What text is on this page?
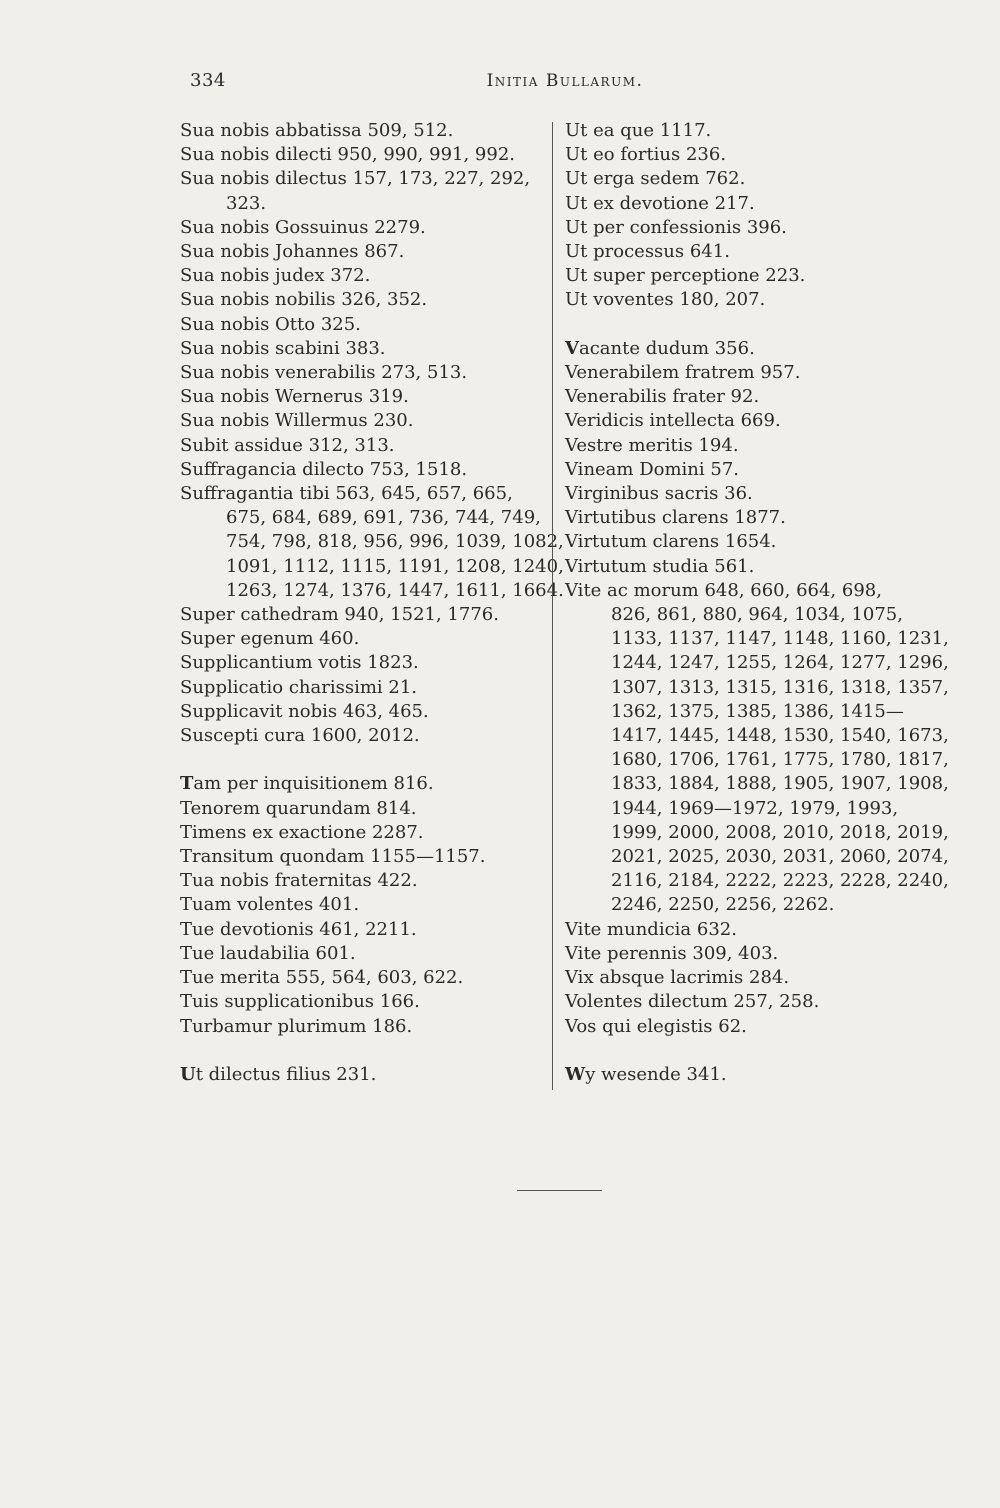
334	Initia Bullarum.
Sua nobis abbatissa 509, 512.
Sua nobis dilecti 950, 990, 991, 992.
Sua nobis dilectus 157, 173, 227, 292,
323.
Sua nobis Gossuinus 2279.
Sua nobis Johannes 867.
Sua nobis judex 372.
Sua nobis nobilis 326, 352.
Sua nobis Otto 325.
Sua nobis scabini 383.
Sua nobis venerabilis 273, 513.
Sua nobis Wernerus 319.
Sua nobis Willermus 230.
Subit assidue 312, 313.
Suffragancia dilecto 753, 1518.
Suffragantia tibi 563, 645, 657, 665,
675, 684, 689, 691, 736, 744, 749,
754, 798, 818, 956, 996, 1039, 1082,
1091, 1112, 1115, 1191, 1208, 1240,
1263, 1274, 1376, 1447, 1611, 1664.
Super cathedram 940, 1521, 1776.
Super egenum 460.
Supplicantium votis 1823.
Supplicatio charissimi 21.
Supplicavit nobis 463, 465.
Suscepti cura 1600, 2012.
Tam per inquisitionem 816.
Tenorem quarundam 814.
Timens ex exactione 2287.
Transitum quondam 1155—1157.
Tua nobis fraternitas 422.
Tuam volentes 401.
Tue devotionis 461, 2211.
Tue laudabilia 601.
Tue merita 555, 564, 603, 622.
Tuis supplicationibus 166.
Turbamur plurimum 186.
Ut dilectus filius 231.
Ut ea que 1117.
Ut eo fortius 236.
Ut erga sedem 762.
Ut ex devotione 217.
Ut per confessionis 396.
Ut processus 641.
Ut super perceptione 223.
Ut voventes 180, 207.
Vacante dudum 356.
Venerabilem fratrem 957.
Venerabilis frater 92.
Veridicis intellecta 669.
Vestre meritis 194.
Vineam Domini 57.
Virginibus sacris 36.
Virtutibus clarens 1877.
Virtutum clarens 1654.
Virtutum studia 561.
Vite ac morum 648, 660, 664, 698,
826, 861, 880, 964, 1034, 1075,
1133, 1137, 1147, 1148, 1160, 1231,
1244, 1247, 1255, 1264, 1277, 1296,
1307, 1313, 1315, 1316, 1318, 1357,
1362, 1375, 1385, 1386, 1415—
1417, 1445, 1448, 1530, 1540, 1673,
1680, 1706, 1761, 1775, 1780, 1817,
1833, 1884, 1888, 1905, 1907, 1908,
1944, 1969—1972, 1979, 1993,
1999, 2000, 2008, 2010, 2018, 2019,
2021, 2025, 2030, 2031, 2060, 2074,
2116, 2184, 2222, 2223, 2228, 2240,
2246, 2250, 2256, 2262.
Vite mundicia 632.
Vite perennis 309, 403.
Vix absque lacrimis 284.
Volentes dilectum 257, 258.
Vos qui elegistis 62.
Wy wesende 341.
